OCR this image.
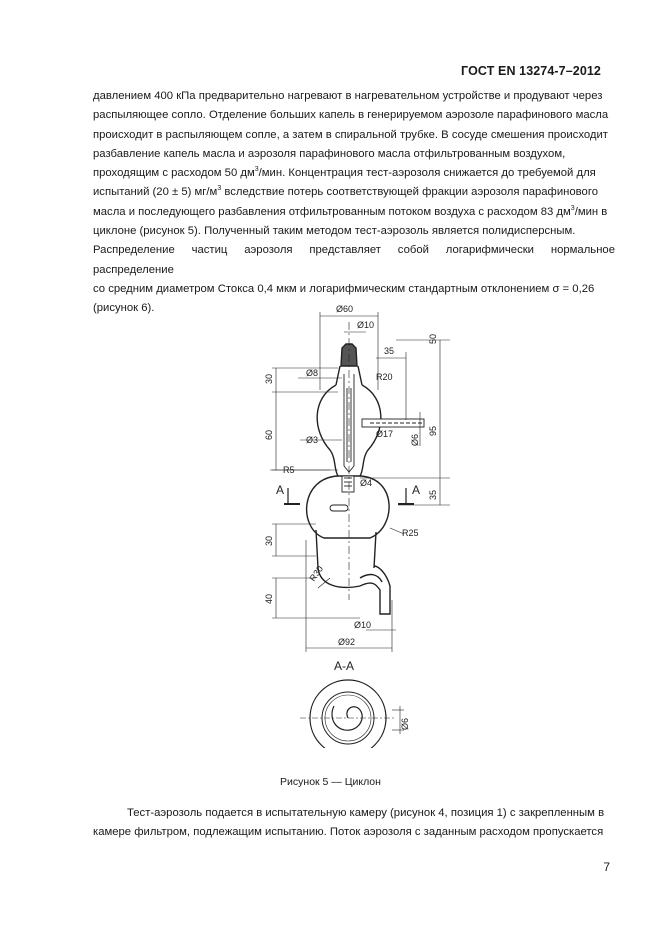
ГОСТ EN 13274-7–2012

давлением 400 кПа предварительно нагревают в нагревательном устройстве и продувают через

распыляющее сопло. Отделение больших капель в генерируемом аэрозоле парафинового масла

происходит в распыляющем сопле, а затем в спиральной трубке. В сосуде смешения происходит

разбавление капель масла и аэрозоля парафинового масла отфильтрованным воздухом,

проходящим с расходом 50 $дм^3$/мин. Концентрация тест-аэрозоля снижается до требуемой для

испытаний (20 ± 5) $мг/м^3$ вследствие потерь соответствующей фракции аэрозоля парафинового

масла и последующего разбавления отфильтрованным потоком воздуха с расходом 83 $дм^3$/мин в

циклоне (рисунок 5). Полученный таким методом тест-аэрозоль является полидисперсным.

Распределение частиц аэрозоля представляет собой логарифмически нормальное распределение

со средним диаметром Стокса 0,4 мкм и логарифмическим стандартным отклонением σ = 0,26

(рисунок 6).	Ø60
Ø10
35
50
R20
Ø8
Ø17 Ø6
95
Ø3
R5
Ø4
A	A 35
R25
30
60
30
R30
40
Ø10
Ø92
А-А
Ø6
Рисунок 5 — Циклон

Тест-аэрозоль подается в испытательную камеру (рисунок 4, позиция 1) с закрепленным в

камере фильтром, подлежащим испытанию. Поток аэрозоля с заданным расходом пропускается

7
